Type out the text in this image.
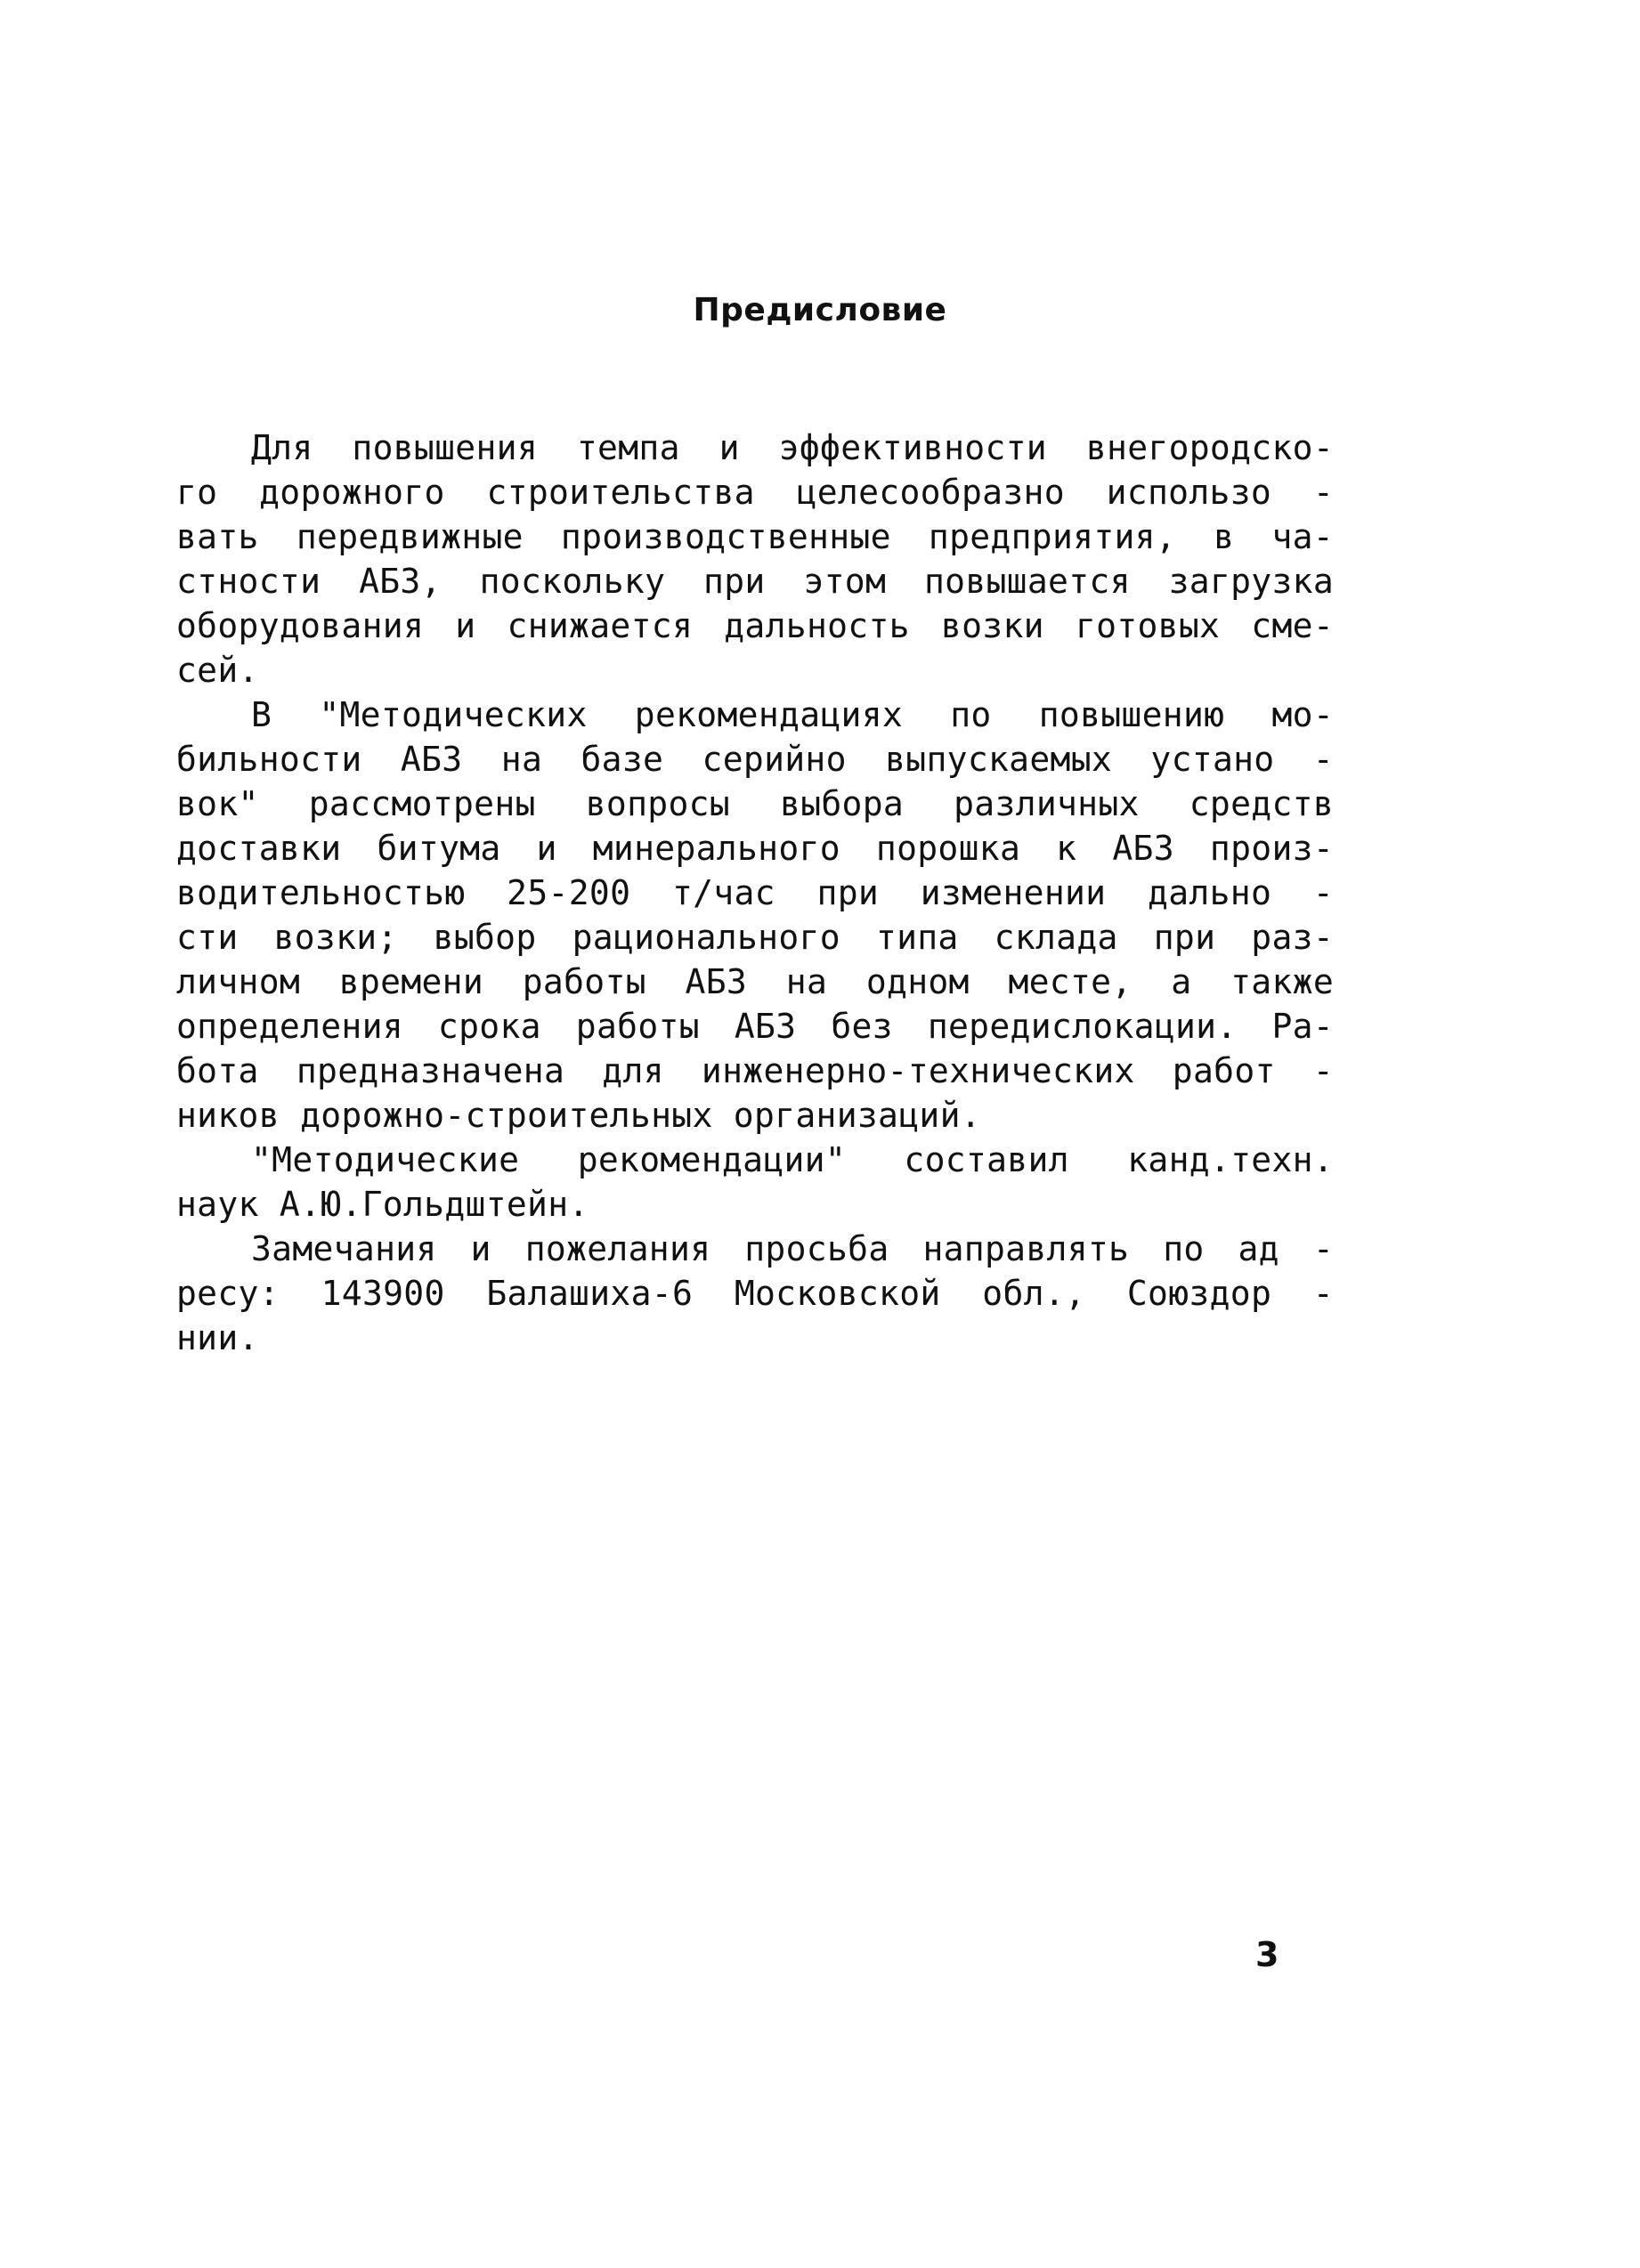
Предисловие
Для повышения темпа и эффективности внегородско-
го дорожного строительства целесообразно использо -
вать передвижные производственные предприятия, в ча-
стности АБЗ, поскольку при этом повышается загрузка
оборудования и снижается дальность возки готовых сме-
сей.
В "Методических рекомендациях по повышению мо-
бильности АБЗ на базе серийно выпускаемых устано -
вок" рассмотрены вопросы выбора различных средств
доставки битума и минерального порошка к АБЗ произ-
водительностью 25-200 т/час при изменении дально -
сти возки; выбор рационального типа склада при раз-
личном времени работы АБЗ на одном месте, а также
определения срока работы АБЗ без передислокации. Ра-
бота предназначена для инженерно-технических работ -
ников дорожно-строительных организаций.
"Методические рекомендации" составил канд.техн.
наук А.Ю.Гольдштейн.
Замечания и пожелания просьба направлять по ад -
ресу: 143900 Балашиха-6 Московской обл., Союздор -
нии.
3
